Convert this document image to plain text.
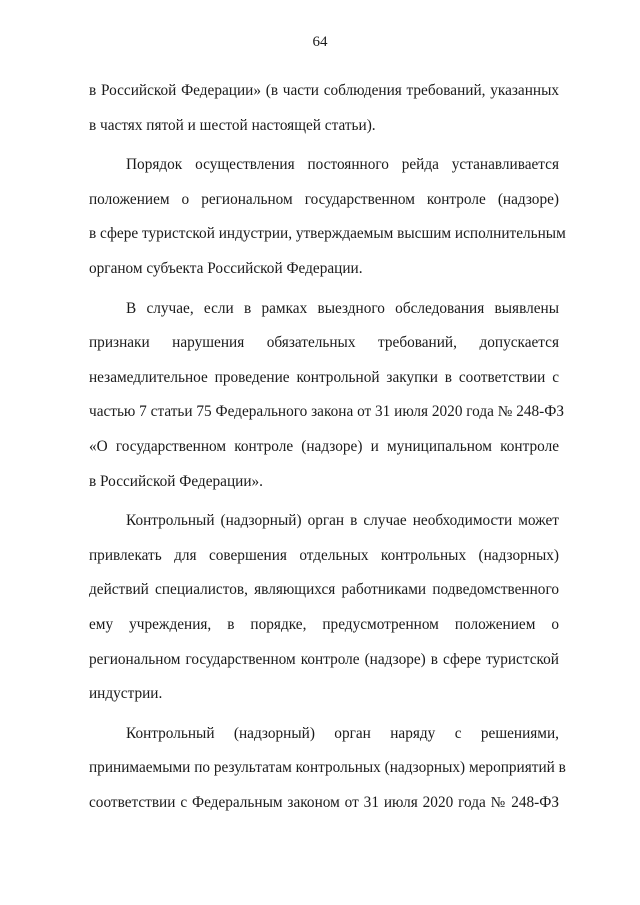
64
в Российской Федерации» (в части соблюдения требований, указанных
в частях пятой и шестой настоящей статьи).
Порядок осуществления постоянного рейда устанавливается
положением о региональном государственном контроле (надзоре)
в сфере туристской индустрии, утверждаемым высшим исполнительным
органом субъекта Российской Федерации.
В случае, если в рамках выездного обследования выявлены
признаки нарушения обязательных требований, допускается
незамедлительное проведение контрольной закупки в соответствии с
частью 7 статьи 75 Федерального закона от 31 июля 2020 года № 248-ФЗ
«О государственном контроле (надзоре) и муниципальном контроле
в Российской Федерации».
Контрольный (надзорный) орган в случае необходимости может
привлекать для совершения отдельных контрольных (надзорных)
действий специалистов, являющихся работниками подведомственного
ему учреждения, в порядке, предусмотренном положением о
региональном государственном контроле (надзоре) в сфере туристской
индустрии.
Контрольный (надзорный) орган наряду с решениями,
принимаемыми по результатам контрольных (надзорных) мероприятий в
соответствии с Федеральным законом от 31 июля 2020 года № 248-ФЗ
